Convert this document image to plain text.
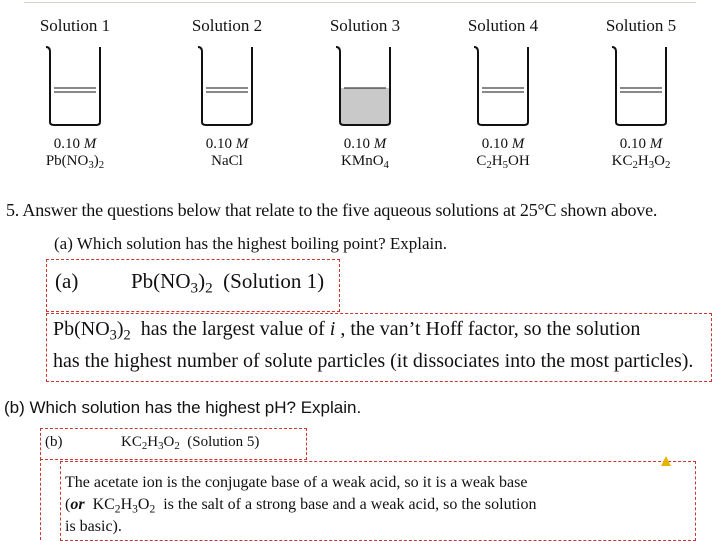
Solution 1
0.10 M
$Pb(NO_3)_2$
Solution 2
0.10 M
NaCl
Solution 3
0.10 M
KMnO$_4$
Solution 4
0.10 M
$C_2H_5OH$
Solution 5
0.10 M
$KC_2H_3O_2$
5. Answer the questions below that relate to the five aqueous solutions at 25°C shown above.
(a) Which solution has the highest boiling point? Explain.
(a)	$Pb(NO_3)_2$  (Solution 1)
$Pb(NO_3)_2$  has the largest value of i , the van’t Hoff factor, so the solution
has the highest number of solute particles (it dissociates into the most particles).
(b) Which solution has the highest pH? Explain.
(b)	$KC_2H_3O_2$  (Solution 5)
The acetate ion is the conjugate base of a weak acid, so it is a weak base
(or  $KC_2H_3O_2$  is the salt of a strong base and a weak acid, so the solution
is basic).
